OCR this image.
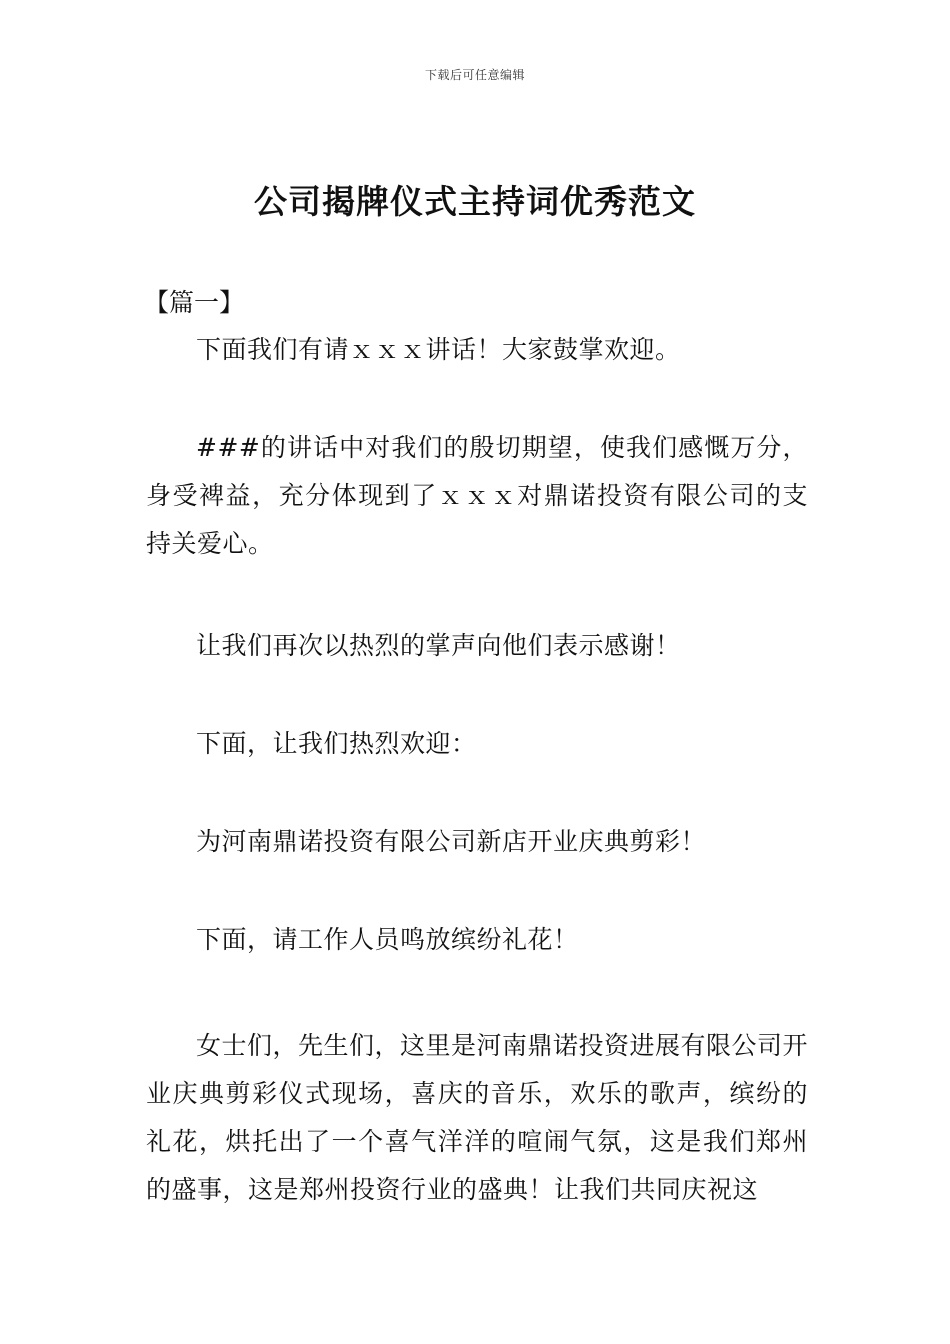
下载后可任意编辑
公司揭牌仪式主持词优秀范文
【篇一】

下面我们有请ｘｘｘ讲话！大家鼓掌欢迎。

###的讲话中对我们的殷切期望，使我们感慨万分，身受裨益，充分体现到了ｘｘｘ对鼎诺投资有限公司的支持关爱心。

让我们再次以热烈的掌声向他们表示感谢！

下面，让我们热烈欢迎：

为河南鼎诺投资有限公司新店开业庆典剪彩！

下面，请工作人员鸣放缤纷礼花！

女士们，先生们，这里是河南鼎诺投资进展有限公司开业庆典剪彩仪式现场，喜庆的音乐，欢乐的歌声，缤纷的礼花，烘托出了一个喜气洋洋的喧闹气氛，这是我们郑州的盛事，这是郑州投资行业的盛典！让我们共同庆祝这
